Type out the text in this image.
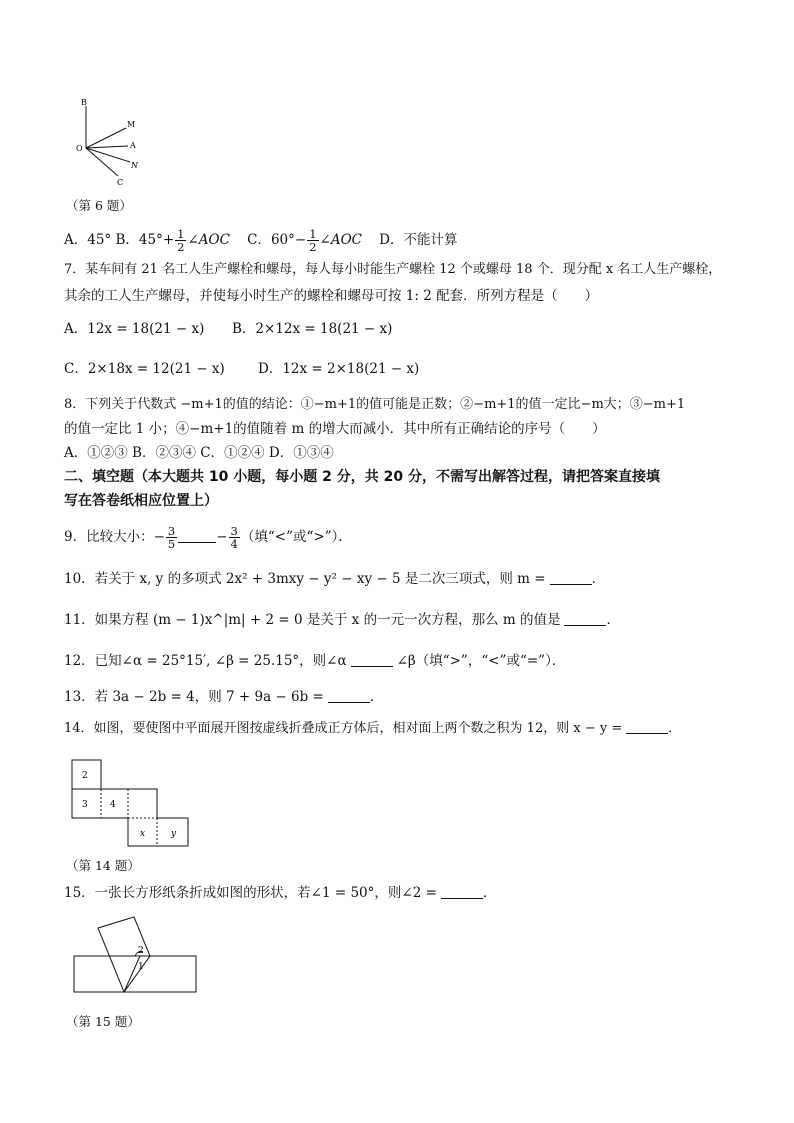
B
M
O	A
N
C
（第 6 题）
A．45° B．$45^\circ+ \frac{1}{2}$ ∠AOC C．$60^\circ- \frac{1}{2}$ ∠AOC D．不能计算
7．某车间有 21 名工人生产螺栓和螺母，每人每小时能生产螺栓 12 个或螺母 18 个．现分配 x 名工人生产螺栓，
其余的工人生产螺母，并使每小时生产的螺栓和螺母可按 1: 2 配套．所列方程是（　　）
A．12x = 18(21 − x) B．2×12x = 18(21 − x)
C．2×18x = 12(21 − x) D．12x = 2×18(21 − x)
8．下列关于代数式 −m+1的值的结论：①−m+1的值可能是正数；②−m+1的值一定比−m大；③−m+1
的值一定比 1 小；④−m+1的值随着 m 的增大而减小．其中所有正确结论的序号（　　）
A．①②③ B．②③④ C．①②④ D．①③④
二、填空题（本大题共 10 小题，每小题 2 分，共 20 分，不需写出解答过程，请把答案直接填
写在答卷纸相应位置上）
9．比较大小：− $\frac{3}{5}$	− $\frac{3}{4}$ （填“<”或“>”）．
10．若关于 x, y 的多项式 2x² + 3mxy − y² − xy − 5 是二次三项式，则 m =	．
11．如果方程 (m − 1)x^|m| + 2 = 0 是关于 x 的一元一次方程，那么 m 的值是	．
12．已知∠α = 25°15′, ∠β = 25.15°，则∠α	∠β（填“>”，“<”或“=”）．
13．若 3a − 2b = 4，则 7 + 9a − 6b =	．
14．如图，要使图中平面展开图按虚线折叠成正方体后，相对面上两个数之积为 12，则 x − y =	．
2
3 4
x	y
（第 14 题）
15．一张长方形纸条折成如图的形状，若∠1 = 50°，则∠2 =	．
2
1
（第 15 题）
